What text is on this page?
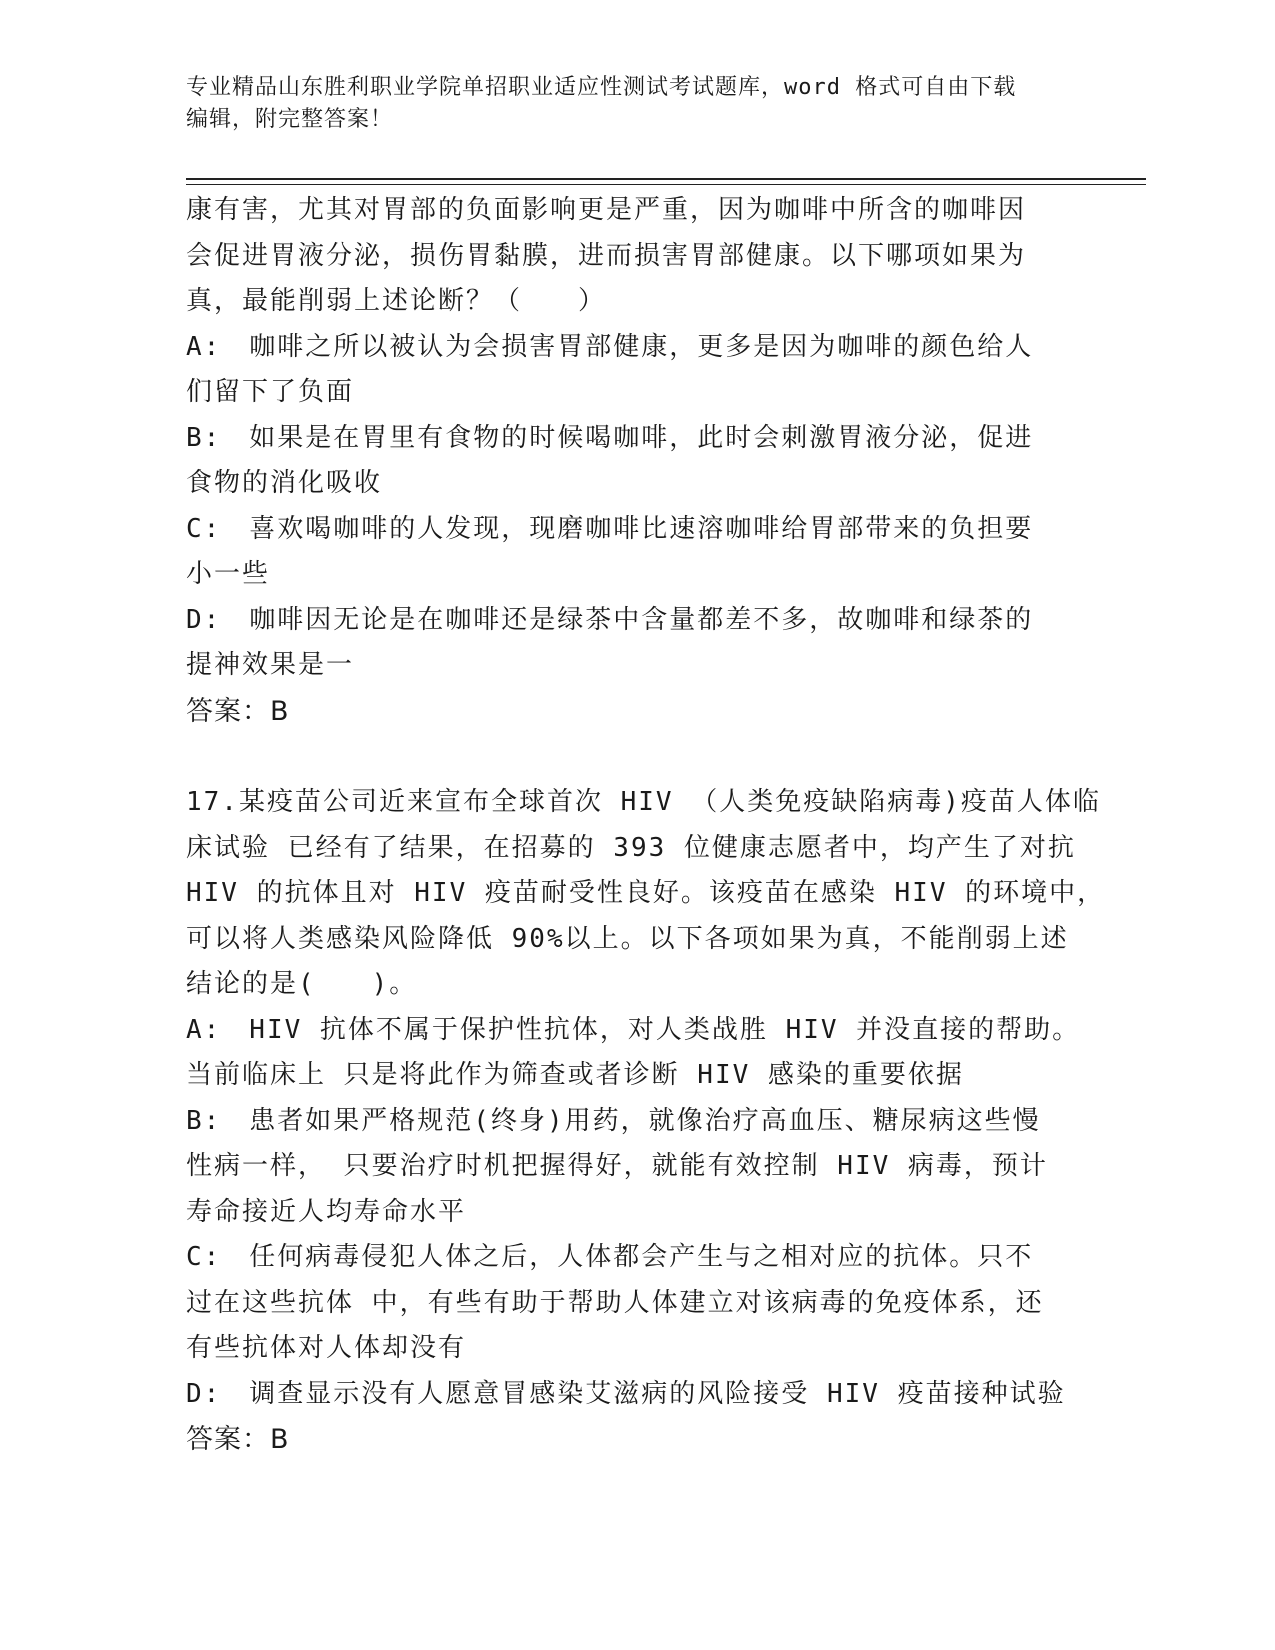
专业精品山东胜利职业学院单招职业适应性测试考试题库，word 格式可自由下载
编辑，附完整答案！
康有害，尤其对胃部的负面影响更是严重，因为咖啡中所含的咖啡因
会促进胃液分泌，损伤胃黏膜，进而损害胃部健康。以下哪项如果为
真，最能削弱上述论断？（　　）
A:　咖啡之所以被认为会损害胃部健康，更多是因为咖啡的颜色给人
们留下了负面
B:　如果是在胃里有食物的时候喝咖啡，此时会刺激胃液分泌，促进
食物的消化吸收
C:　喜欢喝咖啡的人发现，现磨咖啡比速溶咖啡给胃部带来的负担要
小一些
D:　咖啡因无论是在咖啡还是绿茶中含量都差不多，故咖啡和绿茶的
提神效果是一
答案：B
17.某疫苗公司近来宣布全球首次 HIV （人类免疫缺陷病毒)疫苗人体临
床试验 已经有了结果，在招募的 393 位健康志愿者中，均产生了对抗
HIV 的抗体且对 HIV 疫苗耐受性良好。该疫苗在感染 HIV 的环境中，
可以将人类感染风险降低 90%以上。以下各项如果为真，不能削弱上述
结论的是(　　)。
A:　HIV 抗体不属于保护性抗体，对人类战胜 HIV 并没直接的帮助。
当前临床上 只是将此作为筛查或者诊断 HIV 感染的重要依据
B:　患者如果严格规范(终身)用药，就像治疗高血压、糖尿病这些慢
性病一样， 只要治疗时机把握得好，就能有效控制 HIV 病毒，预计
寿命接近人均寿命水平
C:　任何病毒侵犯人体之后，人体都会产生与之相对应的抗体。只不
过在这些抗体 中，有些有助于帮助人体建立对该病毒的免疫体系，还
有些抗体对人体却没有
D:　调查显示没有人愿意冒感染艾滋病的风险接受 HIV 疫苗接种试验
答案：B
